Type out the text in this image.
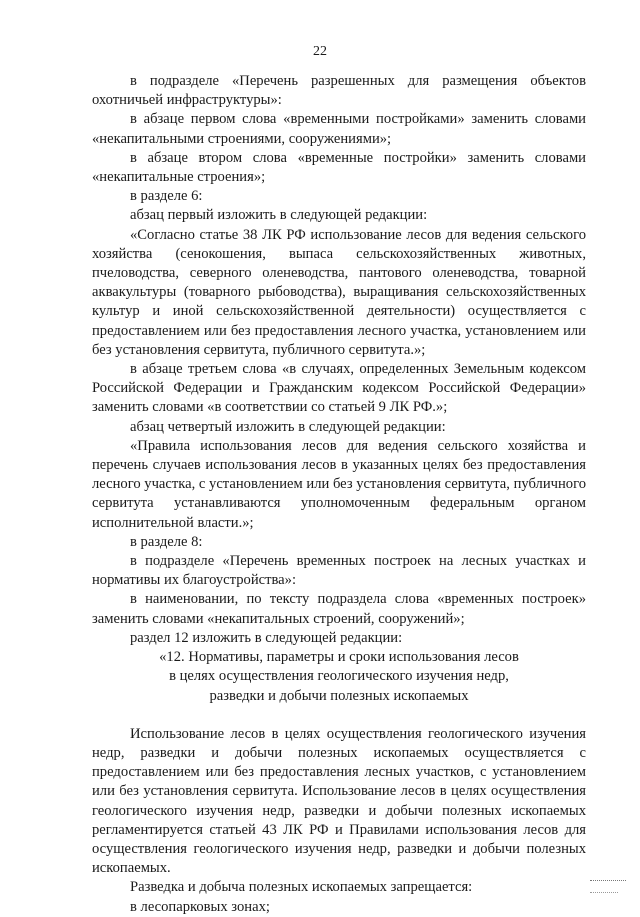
22

в подразделе «Перечень разрешенных для размещения объектов охотничьей инфраструктуры»:

в абзаце первом слова «временными постройками» заменить словами «некапитальными строениями, сооружениями»;

в абзаце втором слова «временные постройки» заменить словами «некапитальные строения»;

в разделе 6:

абзац первый изложить в следующей редакции:

«Согласно статье 38 ЛК РФ использование лесов для ведения сельского хозяйства (сенокошения, выпаса сельскохозяйственных животных, пчеловодства, северного оленеводства, пантового оленеводства, товарной аквакультуры (товарного рыбоводства), выращивания сельскохозяйственных культур и иной сельскохозяйственной деятельности) осуществляется с предоставлением или без предоставления лесного участка, установлением или без установления сервитута, публичного сервитута.»;

в абзаце третьем слова «в случаях, определенных Земельным кодексом Российской Федерации и Гражданским кодексом Российской Федерации» заменить словами «в соответствии со статьей 9 ЛК РФ.»;

абзац четвертый изложить в следующей редакции:

«Правила использования лесов для ведения сельского хозяйства и перечень случаев использования лесов в указанных целях без предоставления лесного участка, с установлением или без установления сервитута, публичного сервитута устанавливаются уполномоченным федеральным органом исполнительной власти.»;

в разделе 8:

в подразделе «Перечень временных построек на лесных участках и нормативы их благоустройства»:

в наименовании, по тексту подраздела слова «временных построек» заменить словами «некапитальных строений, сооружений»;

раздел 12 изложить в следующей редакции:

«12. Нормативы, параметры и сроки использования лесов

в целях осуществления геологического изучения недр,

разведки и добычи полезных ископаемых

Использование лесов в целях осуществления геологического изучения недр, разведки и добычи полезных ископаемых осуществляется с предоставлением или без предоставления лесных участков, с установлением или без установления сервитута. Использование лесов в целях осуществления геологического изучения недр, разведки и добычи полезных ископаемых регламентируется статьей 43 ЛК РФ и Правилами использования лесов для осуществления геологического изучения недр, разведки и добычи полезных ископаемых.

Разведка и добыча полезных ископаемых запрещается:

в лесопарковых зонах;
